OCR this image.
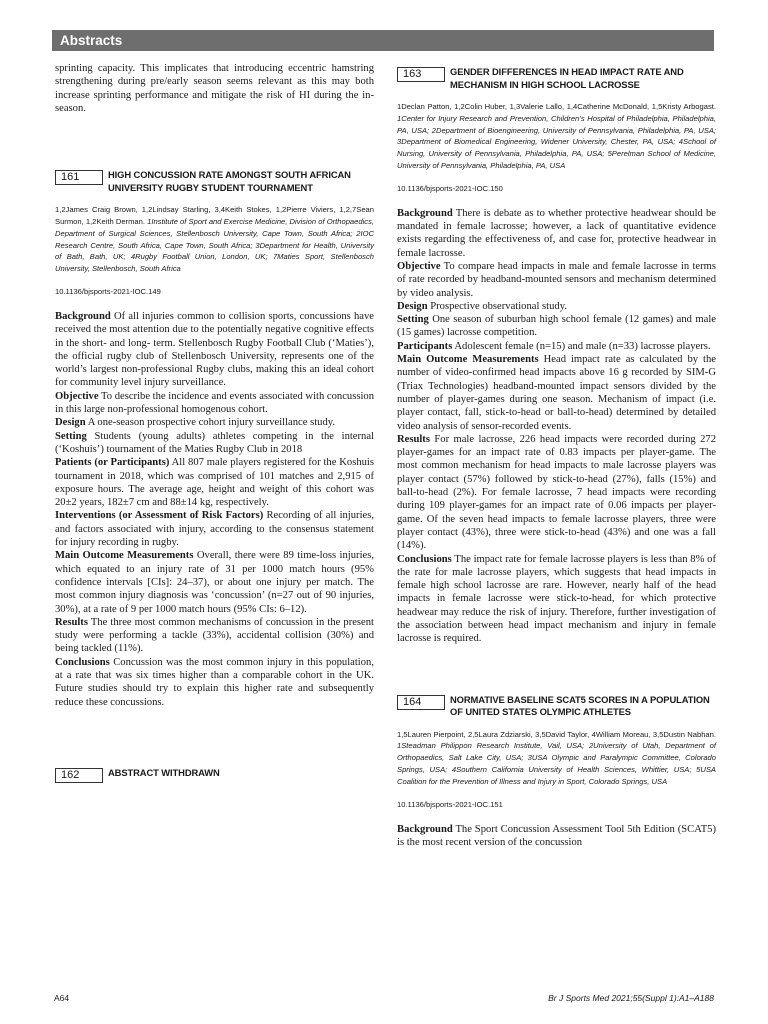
Abstracts

sprinting capacity. This implicates that introducing eccentric hamstring strengthening during pre/early season seems relevant as this may both increase sprinting performance and mitigate the risk of HI during the in-season.

161	HIGH CONCUSSION RATE AMONGST SOUTH AFRICAN UNIVERSITY RUGBY STUDENT TOURNAMENT
1,2James Craig Brown, 1,2Lindsay Starling, 3,4Keith Stokes, 1,2Pierre Viviers, 1,2,7Sean Surmon, 1,2Keith Derman. 1Institute of Sport and Exercise Medicine, Division of Orthopaedics, Department of Surgical Sciences, Stellenbosch University, Cape Town, South Africa; 2IOC Research Centre, South Africa, Cape Town, South Africa; 3Department for Health, University of Bath, Bath, UK; 4Rugby Football Union, London, UK; 7Maties Sport, Stellenbosch University, Stellenbosch, South Africa
10.1136/bjsports-2021-IOC.149

Background Of all injuries common to collision sports, concussions have received the most attention due to the potentially negative cognitive effects in the short- and long- term. Stellenbosch Rugby Football Club (‘Maties’), the official rugby club of Stellenbosch University, represents one of the world’s largest non-professional Rugby clubs, making this an ideal cohort for community level injury surveillance.

Objective To describe the incidence and events associated with concussion in this large non-professional homogenous cohort.

Design A one-season prospective cohort injury surveillance study.

Setting Students (young adults) athletes competing in the internal (‘Koshuis’) tournament of the Maties Rugby Club in 2018

Patients (or Participants) All 807 male players registered for the Koshuis tournament in 2018, which was comprised of 101 matches and 2,915 of exposure hours. The average age, height and weight of this cohort was 20±2 years, 182±7 cm and 88±14 kg, respectively.

Interventions (or Assessment of Risk Factors) Recording of all injuries, and factors associated with injury, according to the consensus statement for injury recording in rugby.

Main Outcome Measurements Overall, there were 89 time-loss injuries, which equated to an injury rate of 31 per 1000 match hours (95% confidence intervals [CIs]: 24–37), or about one injury per match. The most common injury diagnosis was ‘concussion’ (n=27 out of 90 injuries, 30%), at a rate of 9 per 1000 match hours (95% CIs: 6–12).

Results The three most common mechanisms of concussion in the present study were performing a tackle (33%), accidental collision (30%) and being tackled (11%).

Conclusions Concussion was the most common injury in this population, at a rate that was six times higher than a comparable cohort in the UK. Future studies should try to explain this higher rate and subsequently reduce these concussions.

162	ABSTRACT WITHDRAWN
163	GENDER DIFFERENCES IN HEAD IMPACT RATE AND MECHANISM IN HIGH SCHOOL LACROSSE
1Declan Patton, 1,2Colin Huber, 1,3Valerie Lallo, 1,4Catherine McDonald, 1,5Kristy Arbogast. 1Center for Injury Research and Prevention, Children’s Hospital of Philadelphia, Philadelphia, PA, USA; 2Department of Bioengineering, University of Pennsylvania, Philadelphia, PA, USA; 3Department of Biomedical Engineering, Widener University, Chester, PA, USA; 4School of Nursing, University of Pennsylvania, Philadelphia, PA, USA; 5Perelman School of Medicine, University of Pennsylvania, Philadelphia, PA, USA
10.1136/bjsports-2021-IOC.150

Background There is debate as to whether protective headwear should be mandated in female lacrosse; however, a lack of quantitative evidence exists regarding the effectiveness of, and case for, protective headwear in female lacrosse.

Objective To compare head impacts in male and female lacrosse in terms of rate recorded by headband-mounted sensors and mechanism determined by video analysis.

Design Prospective observational study.

Setting One season of suburban high school female (12 games) and male (15 games) lacrosse competition.

Participants Adolescent female (n=15) and male (n=33) lacrosse players.

Main Outcome Measurements Head impact rate as calculated by the number of video-confirmed head impacts above 16 g recorded by SIM-G (Triax Technologies) headband-mounted impact sensors divided by the number of player-games during one season. Mechanism of impact (i.e. player contact, fall, stick-to-head or ball-to-head) determined by detailed video analysis of sensor-recorded events.

Results For male lacrosse, 226 head impacts were recorded during 272 player-games for an impact rate of 0.83 impacts per player-game. The most common mechanism for head impacts to male lacrosse players was player contact (57%) followed by stick-to-head (27%), falls (15%) and ball-to-head (2%). For female lacrosse, 7 head impacts were recording during 109 player-games for an impact rate of 0.06 impacts per player-game. Of the seven head impacts to female lacrosse players, three were player contact (43%), three were stick-to-head (43%) and one was a fall (14%).

Conclusions The impact rate for female lacrosse players is less than 8% of the rate for male lacrosse players, which suggests that head impacts in female high school lacrosse are rare. However, nearly half of the head impacts in female lacrosse were stick-to-head, for which protective headwear may reduce the risk of injury. Therefore, further investigation of the association between head impact mechanism and injury in female lacrosse is required.

164	NORMATIVE BASELINE SCAT5 SCORES IN A POPULATION OF UNITED STATES OLYMPIC ATHLETES
1,5Lauren Pierpoint, 2,5Laura Zdziarski, 3,5David Taylor, 4William Moreau, 3,5Dustin Nabhan. 1Steadman Philippon Research Institute, Vail, USA; 2University of Utah, Department of Orthopaedics, Salt Lake City, USA; 3USA Olympic and Paralympic Committee, Colorado Springs, USA; 4Southern California University of Health Sciences, Whittier, USA; 5USA Coalition for the Prevention of Illness and Injury in Sport, Colorado Springs, USA
10.1136/bjsports-2021-IOC.151

Background The Sport Concussion Assessment Tool 5th Edition (SCAT5) is the most recent version of the concussion

A64	Br J Sports Med 2021;55(Suppl 1):A1–A188
